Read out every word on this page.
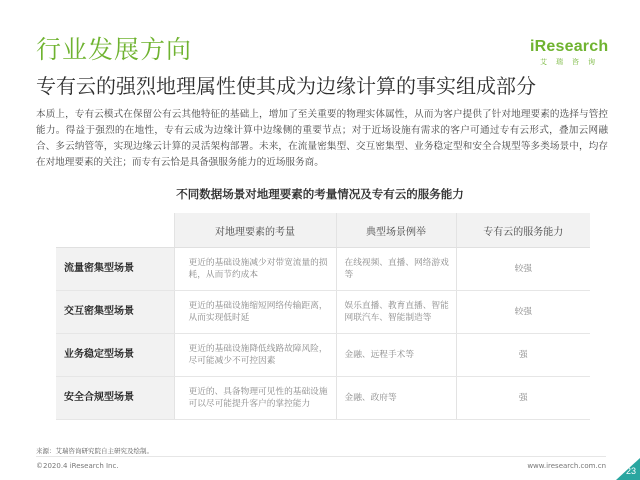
行业发展方向	iResearch
艾瑞咨询
专有云的强烈地理属性使其成为边缘计算的事实组成部分

本质上，专有云模式在保留公有云其他特征的基础上，增加了至关重要的物理实体属性，从而为客户提供了针对地理要素的选择与管控能力。得益于强烈的在地性，专有云成为边缘计算中边缘侧的重要节点；对于近场设施有需求的客户可通过专有云形式，叠加云网融合、多云纳管等，实现边缘云计算的灵活架构部署。未来，在流量密集型、交互密集型、业务稳定型和安全合规型等多类场景中，均存在对地理要素的关注；而专有云恰是具备强服务能力的近场服务商。

不同数据场景对地理要素的考量情况及专有云的服务能力

	对地理要素的考量	典型场景例举	专有云的服务能力
流量密集型场景	更近的基础设施减少对带宽流量的损耗，从而节约成本	在线视频、直播、网络游戏等	较强
交互密集型场景	更近的基础设施缩短网络传输距离，从而实现低时延	娱乐直播、教育直播、智能网联汽车、智能制造等	较强
业务稳定型场景	更近的基础设施降低线路故障风险，尽可能减少不可控因素	金融、远程手术等	强
安全合规型场景	更近的、具备物理可见性的基础设施可以尽可能提升客户的掌控能力	金融、政府等	强

来源：艾瑞咨询研究院自主研究及绘制。

©2020.4 iResearch Inc.	www.iresearch.com.cn 23
